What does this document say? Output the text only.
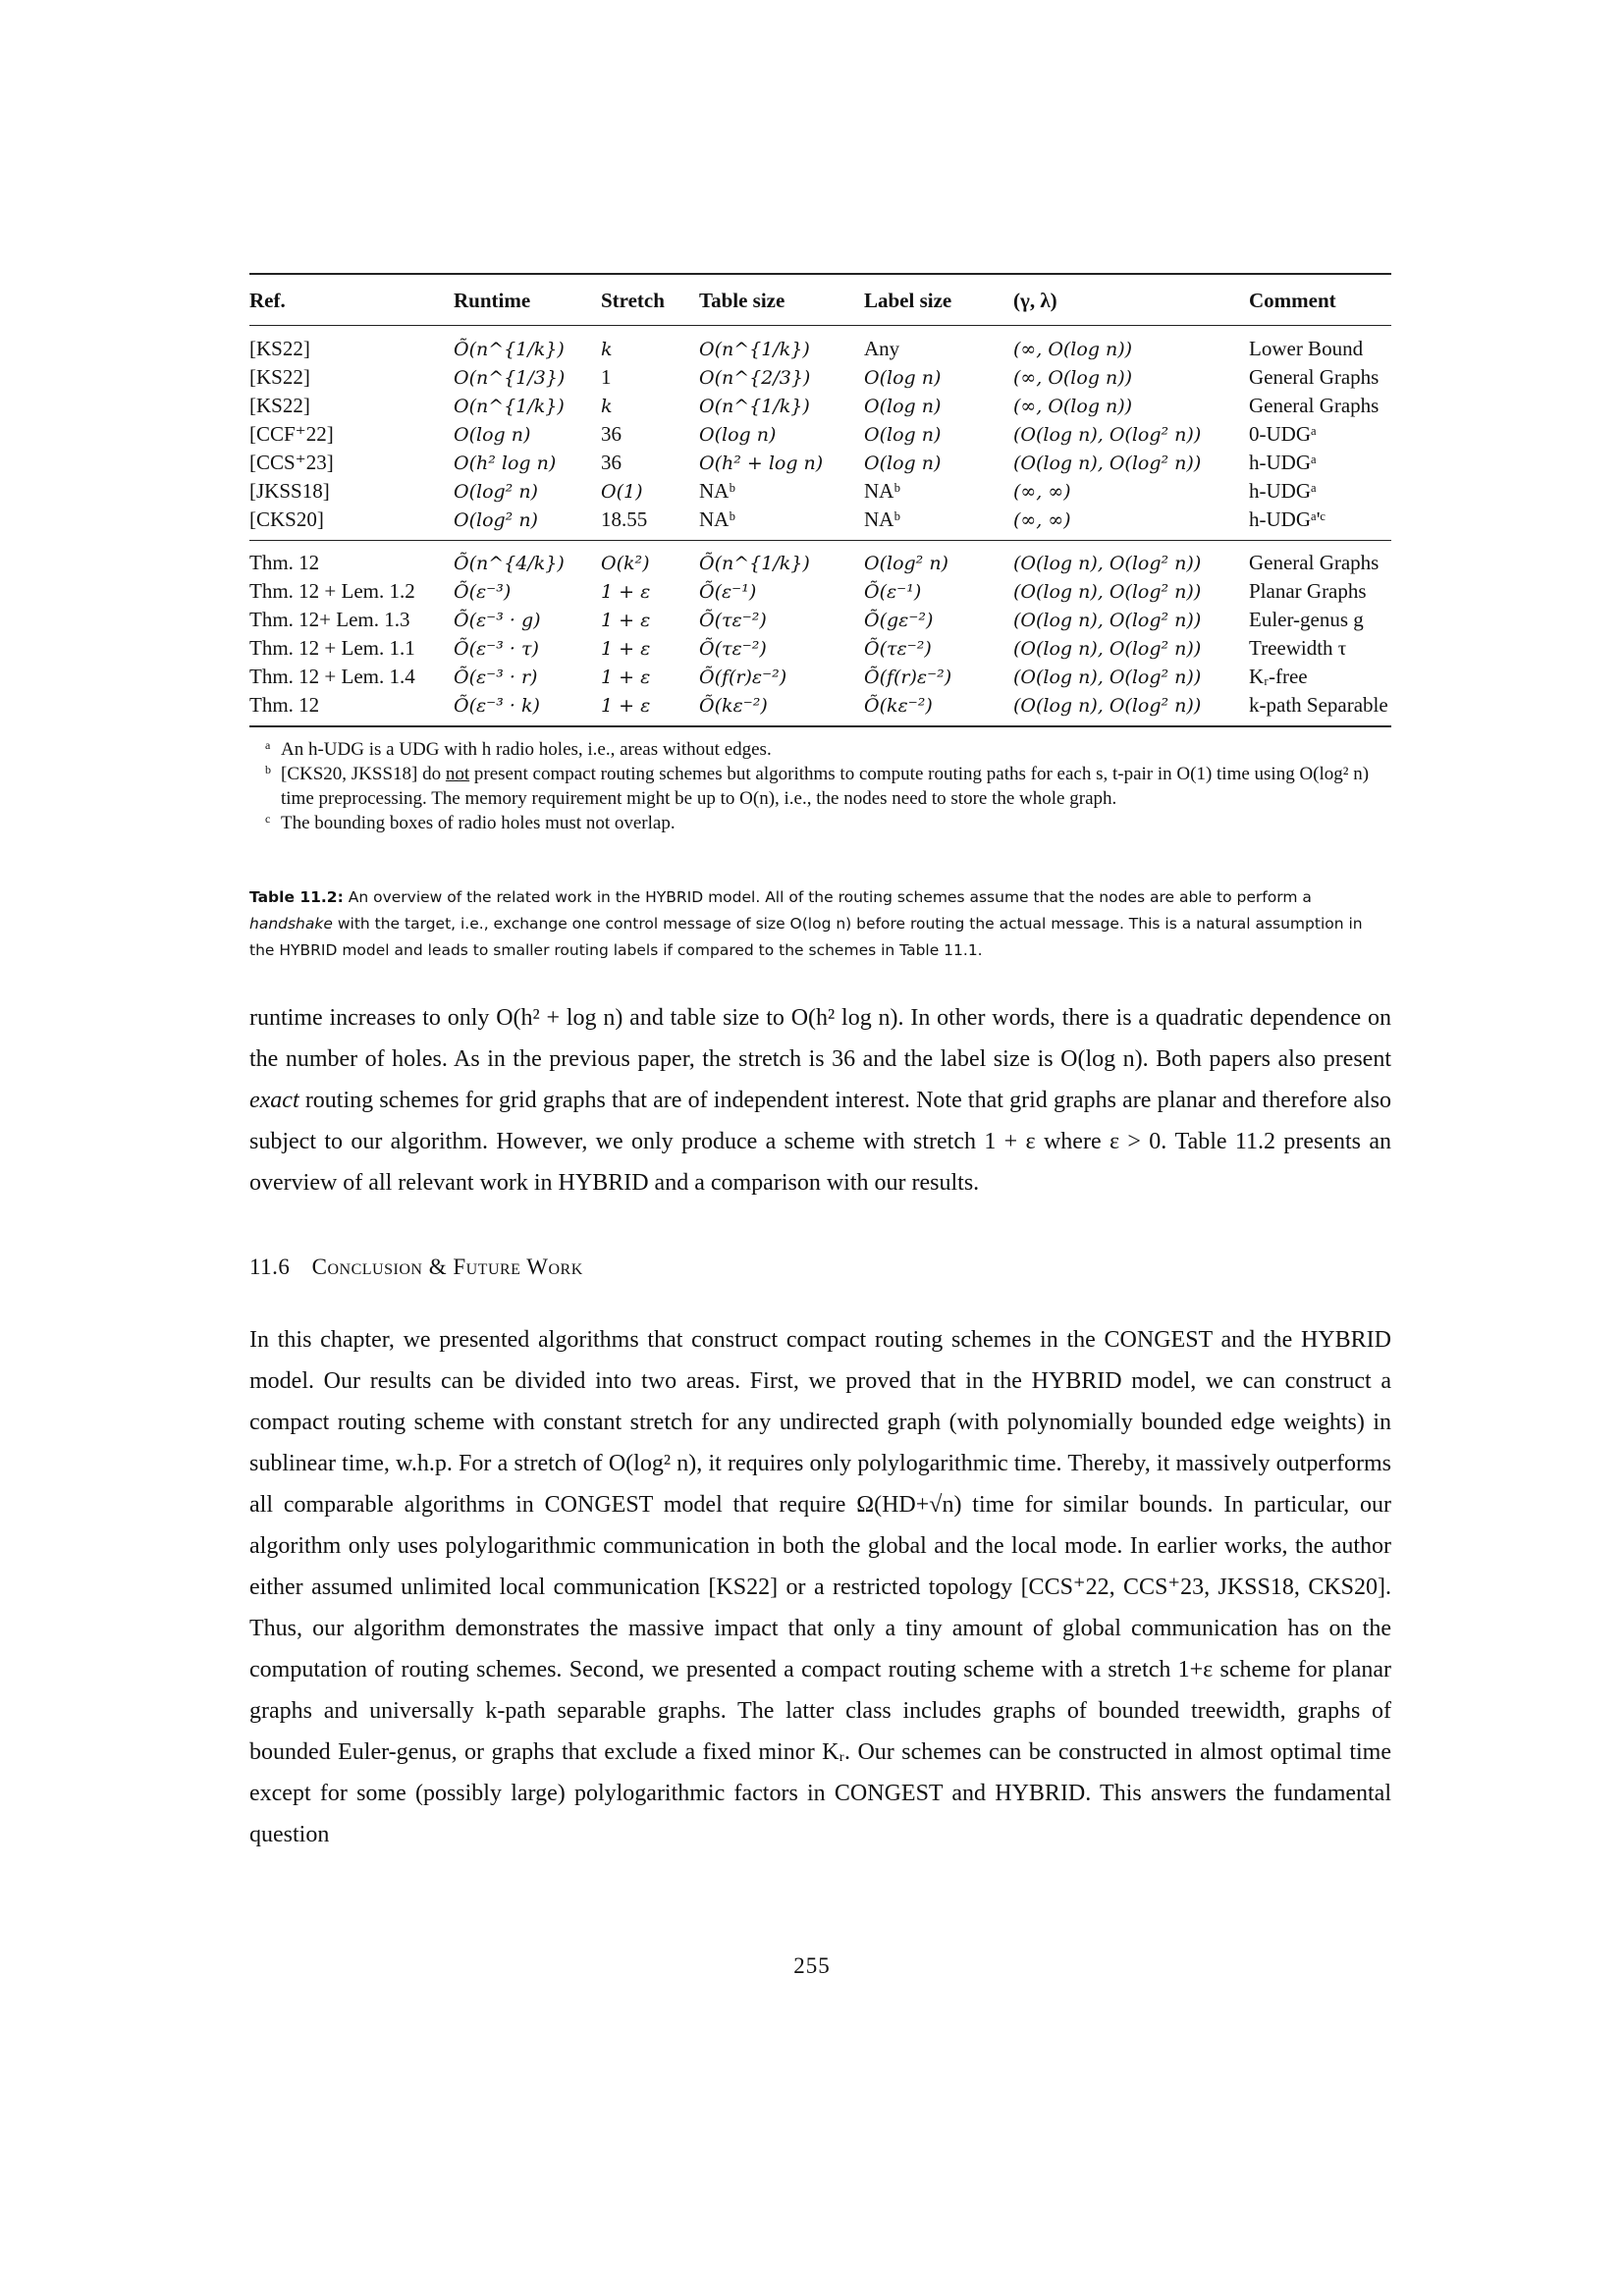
Ref.	Runtime	Stretch	Table size	Label size	(γ, λ)	Comment
[KS22]	Õ(n^{1/k})	k	O(n^{1/k})	Any	(∞, O(log n))	Lower Bound
[KS22]	O(n^{1/3})	1	O(n^{2/3})	O(log n)	(∞, O(log n))	General Graphs
[KS22]	O(n^{1/k})	k	O(n^{1/k})	O(log n)	(∞, O(log n))	General Graphs
[CCF⁺22]	O(log n)	36	O(log n)	O(log n)	(O(log n), O(log² n))	0-UDGᵃ
[CCS⁺23]	O(h² log n)	36	O(h² + log n)	O(log n)	(O(log n), O(log² n))	h-UDGᵃ
[JKSS18]	O(log² n)	O(1)	NAᵇ	NAᵇ	(∞, ∞)	h-UDGᵃ
[CKS20]	O(log² n)	18.55	NAᵇ	NAᵇ	(∞, ∞)	h-UDGᵃ'ᶜ
Thm. 12	Õ(n^{4/k})	O(k²)	Õ(n^{1/k})	O(log² n)	(O(log n), O(log² n))	General Graphs
Thm. 12 + Lem. 1.2	Õ(ε⁻³)	1 + ε	Õ(ε⁻¹)	Õ(ε⁻¹)	(O(log n), O(log² n))	Planar Graphs
Thm. 12+ Lem. 1.3	Õ(ε⁻³ · g)	1 + ε	Õ(τε⁻²)	Õ(gε⁻²)	(O(log n), O(log² n))	Euler-genus g
Thm. 12 + Lem. 1.1	Õ(ε⁻³ · τ)	1 + ε	Õ(τε⁻²)	Õ(τε⁻²)	(O(log n), O(log² n))	Treewidth τ
Thm. 12 + Lem. 1.4	Õ(ε⁻³ · r)	1 + ε	Õ(f(r)ε⁻²)	Õ(f(r)ε⁻²)	(O(log n), O(log² n))	Kᵣ-free
Thm. 12	Õ(ε⁻³ · k)	1 + ε	Õ(kε⁻²)	Õ(kε⁻²)	(O(log n), O(log² n))	k-path Separable
a An h-UDG is a UDG with h radio holes, i.e., areas without edges.
b [CKS20, JKSS18] do not present compact routing schemes but algorithms to compute routing paths for each s, t-pair in O(1) time using O(log² n) time preprocessing. The memory requirement might be up to O(n), i.e., the nodes need to store the whole graph.
c The bounding boxes of radio holes must not overlap.
Table 11.2: An overview of the related work in the HYBRID model. All of the routing schemes assume that the nodes are able to perform a handshake with the target, i.e., exchange one control message of size O(log n) before routing the actual message. This is a natural assumption in the HYBRID model and leads to smaller routing labels if compared to the schemes in Table 11.1.
runtime increases to only O(h² + log n) and table size to O(h² log n). In other words, there is a quadratic dependence on the number of holes. As in the previous paper, the stretch is 36 and the label size is O(log n). Both papers also present exact routing schemes for grid graphs that are of independent interest. Note that grid graphs are planar and therefore also subject to our algorithm. However, we only produce a scheme with stretch 1 + ε where ε > 0. Table 11.2 presents an overview of all relevant work in HYBRID and a comparison with our results.
11.6 Conclusion & Future Work
In this chapter, we presented algorithms that construct compact routing schemes in the CONGEST and the HYBRID model. Our results can be divided into two areas. First, we proved that in the HYBRID model, we can construct a compact routing scheme with constant stretch for any undirected graph (with polynomially bounded edge weights) in sublinear time, w.h.p. For a stretch of O(log² n), it requires only polylogarithmic time. Thereby, it massively outperforms all comparable algorithms in CONGEST model that require Ω(HD+√n) time for similar bounds. In particular, our algorithm only uses polylogarithmic communication in both the global and the local mode. In earlier works, the author either assumed unlimited local communication [KS22] or a restricted topology [CCS⁺22, CCS⁺23, JKSS18, CKS20]. Thus, our algorithm demonstrates the massive impact that only a tiny amount of global communication has on the computation of routing schemes. Second, we presented a compact routing scheme with a stretch 1+ε scheme for planar graphs and universally k-path separable graphs. The latter class includes graphs of bounded treewidth, graphs of bounded Euler-genus, or graphs that exclude a fixed minor Kᵣ. Our schemes can be constructed in almost optimal time except for some (possibly large) polylogarithmic factors in CONGEST and HYBRID. This answers the fundamental question
255
